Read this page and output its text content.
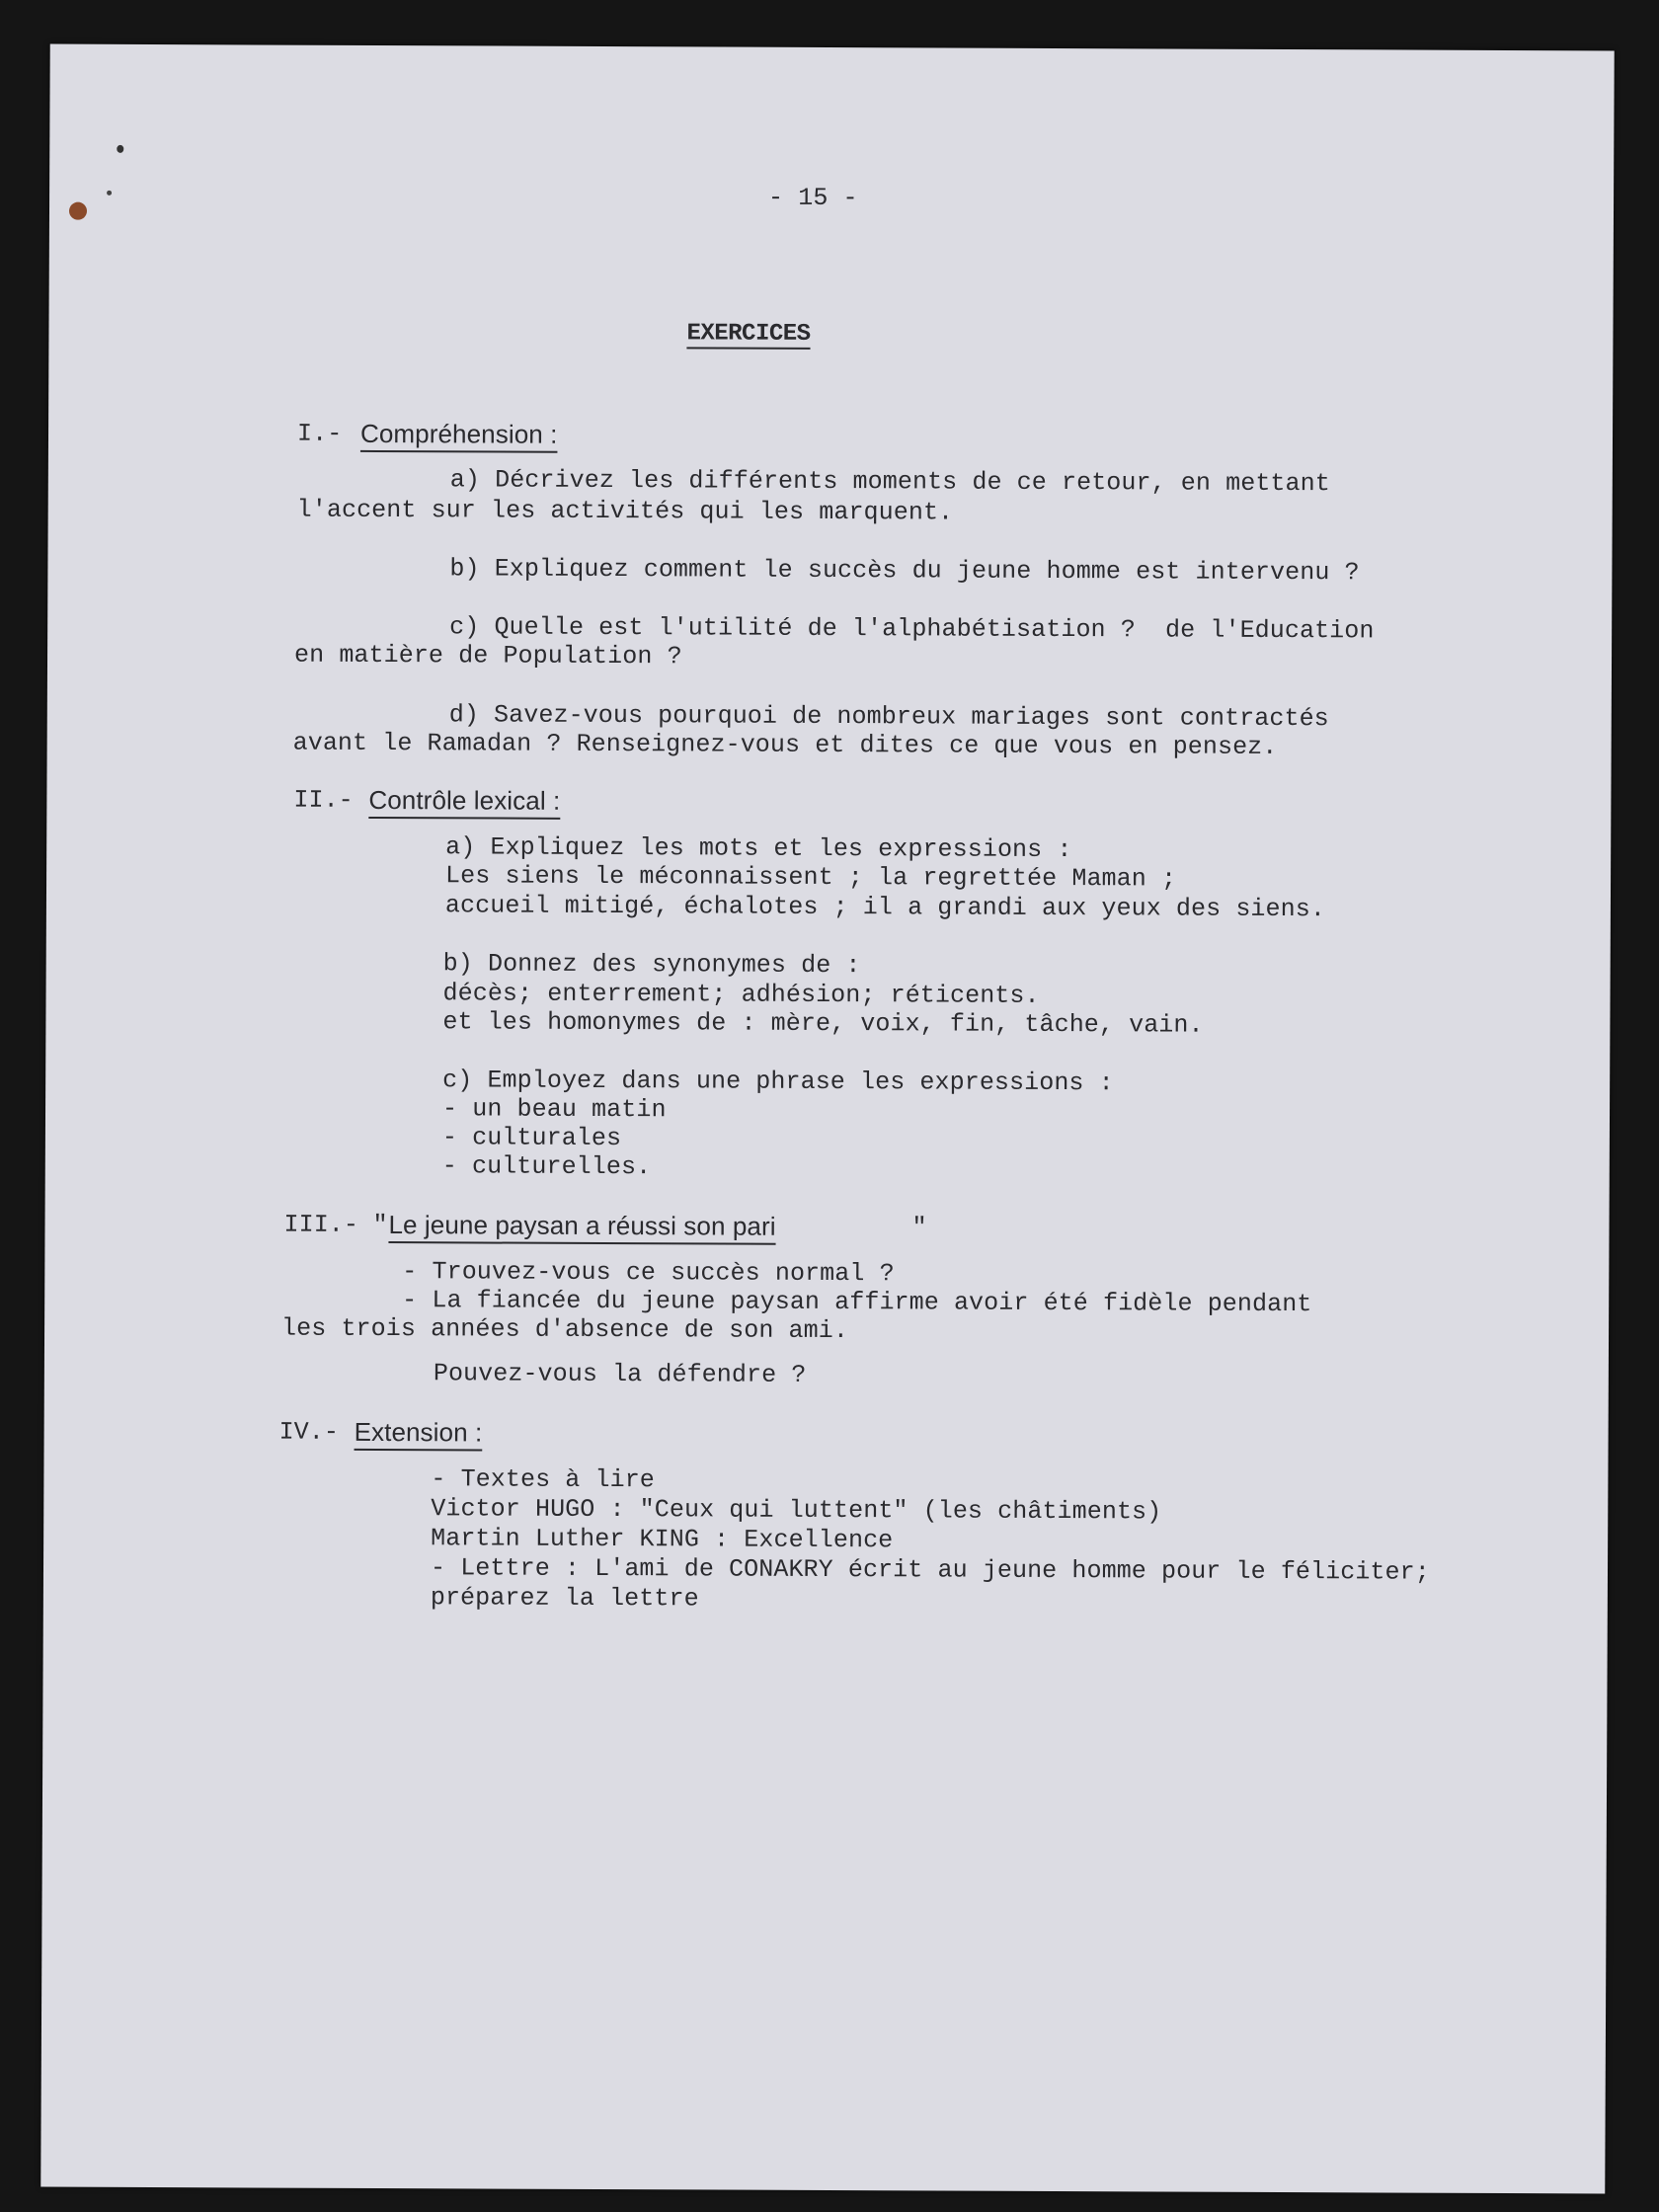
- 15 -
EXERCICES
I.- Compréhension :
a) Décrivez les différents moments de ce retour, en mettant
l'accent sur les activités qui les marquent.
b) Expliquez comment le succès du jeune homme est intervenu ?
c) Quelle est l'utilité de l'alphabétisation ?  de l'Education
en matière de Population ?
d) Savez-vous pourquoi de nombreux mariages sont contractés
avant le Ramadan ? Renseignez-vous et dites ce que vous en pensez.
II.- Contrôle lexical :
a) Expliquez les mots et les expressions :
Les siens le méconnaissent ; la regrettée Maman ;
accueil mitigé, échalotes ; il a grandi aux yeux des siens.
b) Donnez des synonymes de :
décès; enterrement; adhésion; réticents.
et les homonymes de : mère, voix, fin, tâche, vain.
c) Employez dans une phrase les expressions :
- un beau matin
- culturales
- culturelles.
III.- " Le jeune paysan a réussi son pari	"
- Trouvez-vous ce succès normal ?
- La fiancée du jeune paysan affirme avoir été fidèle pendant
les trois années d'absence de son ami.
Pouvez-vous la défendre ?
IV.- Extension :
- Textes à lire
Victor HUGO : "Ceux qui luttent" (les châtiments)
Martin Luther KING : Excellence
- Lettre : L'ami de CONAKRY écrit au jeune homme pour le féliciter;
préparez la lettre
